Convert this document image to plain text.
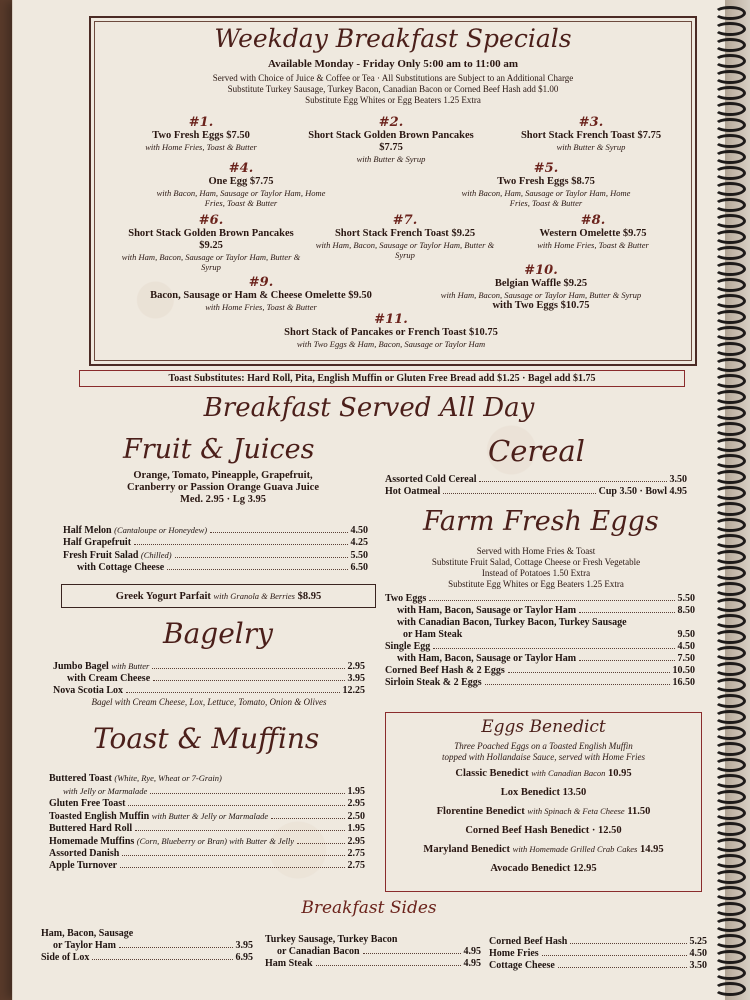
Weekday Breakfast Specials
Available Monday - Friday Only 5:00 am to 11:00 am
Served with Choice of Juice & Coffee or Tea · All Substitutions are Subject to an Additional Charge
Substitute Turkey Sausage, Turkey Bacon, Canadian Bacon or Corned Beef Hash add $1.00
Substitute Egg Whites or Egg Beaters 1.25 Extra
#1.
Two Fresh Eggs $7.50
with Home Fries, Toast & Butter
#2.
Short Stack Golden Brown Pancakes
$7.75
with Butter & Syrup
#3.
Short Stack French Toast $7.75
with Butter & Syrup
#4.
One Egg $7.75
with Bacon, Ham, Sausage or Taylor Ham, Home Fries, Toast & Butter
#5.
Two Fresh Eggs $8.75
with Bacon, Ham, Sausage or Taylor Ham, Home Fries, Toast & Butter
#6.
Short Stack Golden Brown Pancakes
$9.25
with Ham, Bacon, Sausage or Taylor Ham, Butter & Syrup
#7.
Short Stack French Toast $9.25
with Ham, Bacon, Sausage or Taylor Ham, Butter & Syrup
#8.
Western Omelette $9.75
with Home Fries, Toast & Butter
#9.
Bacon, Sausage or Ham & Cheese Omelette $9.50
with Home Fries, Toast & Butter
#10.
Belgian Waffle $9.25
with Ham, Bacon, Sausage or Taylor Ham, Butter & Syrup
with Two Eggs $10.75
#11.
Short Stack of Pancakes or French Toast $10.75
with Two Eggs & Ham, Bacon, Sausage or Taylor Ham
Toast Substitutes: Hard Roll, Pita, English Muffin or Gluten Free Bread add $1.25 · Bagel add $1.75
Breakfast Served All Day
Fruit & Juices
Orange, Tomato, Pineapple, Grapefruit,
Cranberry or Passion Orange Guava Juice
Med. 2.95 · Lg 3.95
Half Melon (Cantaloupe or Honeydew)	4.50
Half Grapefruit	4.25
Fresh Fruit Salad (Chilled)	5.50
with Cottage Cheese	6.50
Greek Yogurt Parfait with Granola & Berries $8.95
Bagelry
Jumbo Bagel with Butter	2.95
with Cream Cheese	3.95
Nova Scotia Lox	12.25
Bagel with Cream Cheese, Lox, Lettuce, Tomato, Onion & Olives
Toast & Muffins
Buttered Toast (White, Rye, Wheat or 7-Grain)
with Jelly or Marmalade	1.95
Gluten Free Toast	2.95
Toasted English Muffin with Butter & Jelly or Marmalade	2.50
Buttered Hard Roll	1.95
Homemade Muffins (Corn, Blueberry or Bran) with Butter & Jelly	2.95
Assorted Danish	2.75
Apple Turnover	2.75
Cereal
Assorted Cold Cereal	3.50
Hot Oatmeal	Cup 3.50 · Bowl 4.95
Farm Fresh Eggs
Served with Home Fries & Toast
Substitute Fruit Salad, Cottage Cheese or Fresh Vegetable
Instead of Potatoes 1.50 Extra
Substitute Egg Whites or Egg Beaters 1.25 Extra
Two Eggs	5.50
with Ham, Bacon, Sausage or Taylor Ham	8.50
with Canadian Bacon, Turkey Bacon, Turkey Sausage
or Ham Steak	9.50
Single Egg	4.50
with Ham, Bacon, Sausage or Taylor Ham	7.50
Corned Beef Hash & 2 Eggs	10.50
Sirloin Steak & 2 Eggs	16.50
Eggs Benedict
Three Poached Eggs on a Toasted English Muffin
topped with Hollandaise Sauce, served with Home Fries
Classic Benedict with Canadian Bacon 10.95
Lox Benedict 13.50
Florentine Benedict with Spinach & Feta Cheese 11.50
Corned Beef Hash Benedict · 12.50
Maryland Benedict with Homemade Grilled Crab Cakes 14.95
Avocado Benedict 12.95
Breakfast Sides
Ham, Bacon, Sausage
or Taylor Ham	3.95
Side of Lox	6.95
Turkey Sausage, Turkey Bacon
or Canadian Bacon	4.95
Ham Steak	4.95
Corned Beef Hash	5.25
Home Fries	4.50
Cottage Cheese	3.50
